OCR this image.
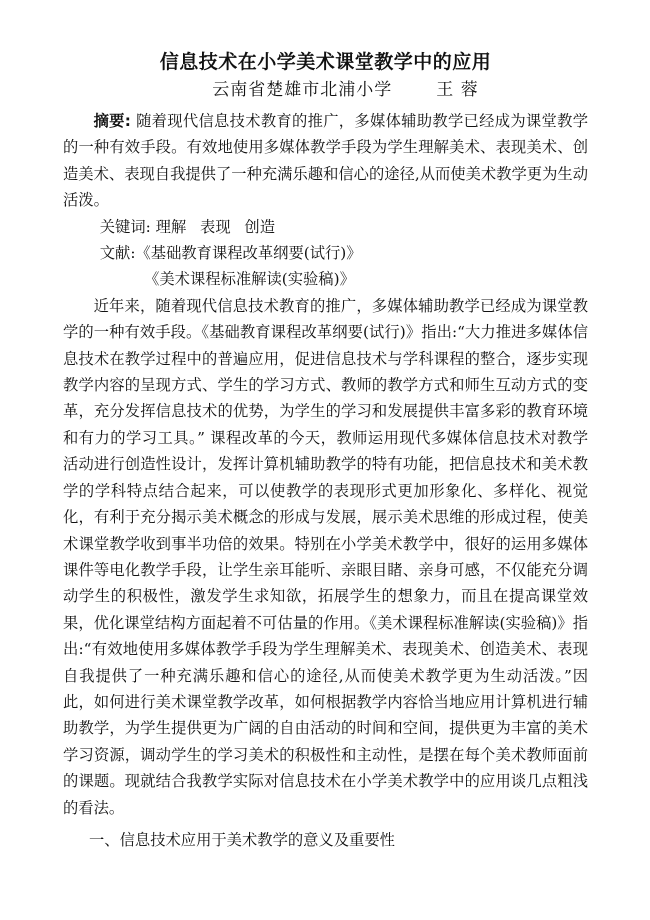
信息技术在小学美术课堂教学中的应用
云南省楚雄市北浦小学	王 蓉

摘要: 随着现代信息技术教育的推广，多媒体辅助教学已经成为课堂教学的一种有效手段。有效地使用多媒体教学手段为学生理解美术、表现美术、创造美术、表现自我提供了一种充满乐趣和信心的途径,从而使美术教学更为生动活泼。

关键词: 理解 表现 创造

文献:《基础教育课程改革纲要(试行)》

《美术课程标准解读(实验稿)》

近年来，随着现代信息技术教育的推广，多媒体辅助教学已经成为课堂教学的一种有效手段。《基础教育课程改革纲要(试行)》指出:“大力推进多媒体信息技术在教学过程中的普遍应用，促进信息技术与学科课程的整合，逐步实现教学内容的呈现方式、学生的学习方式、教师的教学方式和师生互动方式的变革，充分发挥信息技术的优势，为学生的学习和发展提供丰富多彩的教育环境和有力的学习工具。” 课程改革的今天，教师运用现代多媒体信息技术对教学活动进行创造性设计，发挥计算机辅助教学的特有功能，把信息技术和美术教学的学科特点结合起来，可以使教学的表现形式更加形象化、多样化、视觉化，有利于充分揭示美术概念的形成与发展，展示美术思维的形成过程，使美术课堂教学收到事半功倍的效果。特别在小学美术教学中，很好的运用多媒体课件等电化教学手段，让学生亲耳能听、亲眼目睹、亲身可感，不仅能充分调动学生的积极性，激发学生求知欲，拓展学生的想象力，而且在提高课堂效果，优化课堂结构方面起着不可估量的作用。《美术课程标准解读(实验稿)》指出:“有效地使用多媒体教学手段为学生理解美术、表现美术、创造美术、表现自我提供了一种充满乐趣和信心的途径,从而使美术教学更为生动活泼。”因此，如何进行美术课堂教学改革，如何根据教学内容恰当地应用计算机进行辅助教学，为学生提供更为广阔的自由活动的时间和空间，提供更为丰富的美术学习资源，调动学生的学习美术的积极性和主动性，是摆在每个美术教师面前的课题。现就结合我教学实际对信息技术在小学美术教学中的应用谈几点粗浅的看法。

一、信息技术应用于美术教学的意义及重要性
